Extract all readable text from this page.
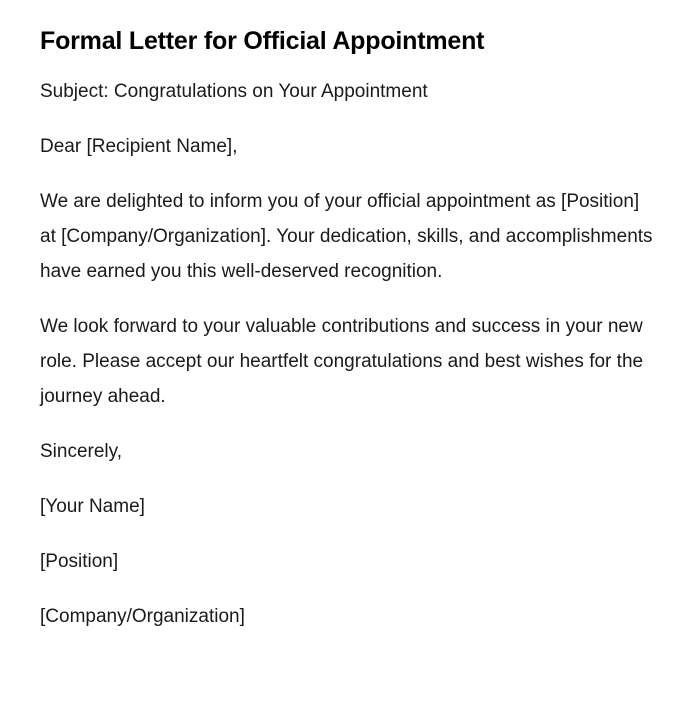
Formal Letter for Official Appointment

Subject: Congratulations on Your Appointment

Dear [Recipient Name],

We are delighted to inform you of your official appointment as [Position] at [Company/Organization]. Your dedication, skills, and accomplishments have earned you this well-deserved recognition.

We look forward to your valuable contributions and success in your new role. Please accept our heartfelt congratulations and best wishes for the journey ahead.

Sincerely,

[Your Name]

[Position]

[Company/Organization]
